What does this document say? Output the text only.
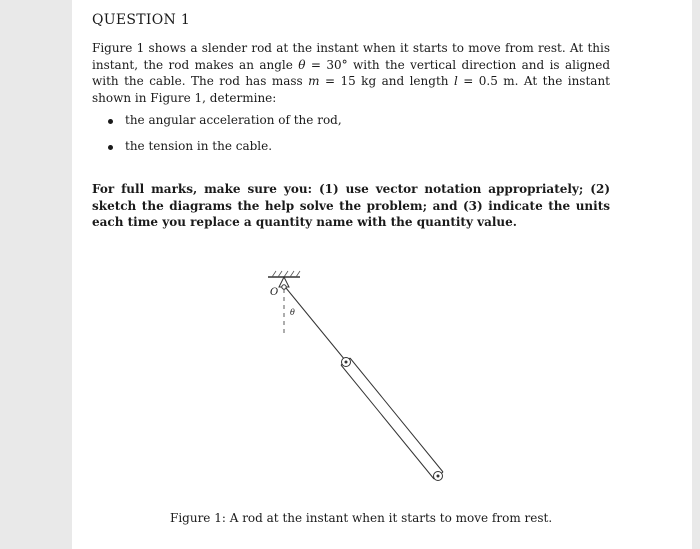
QUESTION 1
Figure 1 shows a slender rod at the instant when it starts to move from rest. At this instant, the rod makes an angle θ = 30° with the vertical direction and is aligned with the cable. The rod has mass m = 15 kg and length l = 0.5 m. At the instant shown in Figure 1, determine:
the angular acceleration of the rod,
the tension in the cable.
For full marks, make sure you: (1) use vector notation appropriately; (2) sketch the diagrams the help solve the problem; and (3) indicate the units each time you replace a quantity name with the quantity value.
O
θ
Figure 1: A rod at the instant when it starts to move from rest.
